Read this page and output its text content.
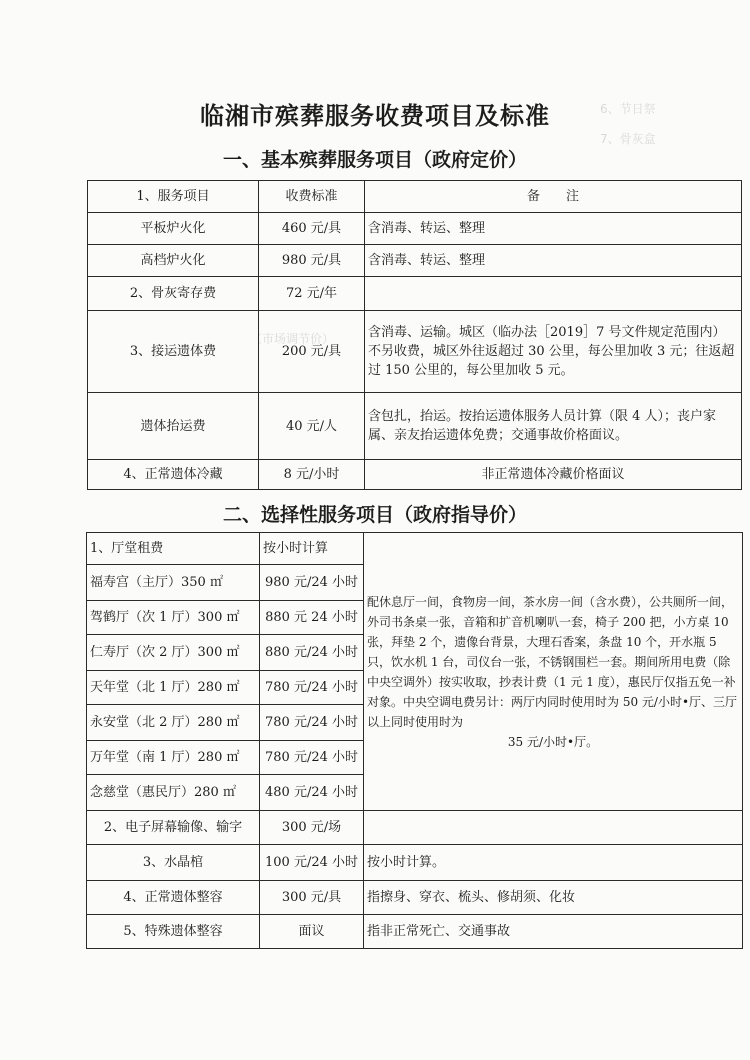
6、节日祭
7、骨灰盒
（市场调节价）
临湘市殡葬服务收费项目及标准
一、基本殡葬服务项目（政府定价）
1、服务项目	收费标准	备　　注
平板炉火化	460 元/具	含消毒、转运、整理
高档炉火化	980 元/具	含消毒、转运、整理
2、骨灰寄存费	72 元/年	
3、接运遗体费	200 元/具	含消毒、运输。城区（临办法［2019］7 号文件规定范围内）不另收费，城区外往返超过 30 公里，每公里加收 3 元；往返超过 150 公里的，每公里加收 5 元。
遗体抬运费	40 元/人	含包扎，抬运。按抬运遗体服务人员计算（限 4 人）；丧户家属、亲友抬运遗体免费；交通事故价格面议。
4、正常遗体冷藏	8 元/小时	非正常遗体冷藏价格面议
二、选择性服务项目（政府指导价）
1、厅堂租费	按小时计算	配休息厅一间，食物房一间，茶水房一间（含水费），公共厕所一间，外司书条桌一张，音箱和扩音机喇叭一套，椅子 200 把，小方桌 10 张，拜垫 2 个，遗像台背景，大理石香案，条盘 10 个，开水瓶 5 只，饮水机 1 台，司仪台一张，不锈钢围栏一套。期间所用电费（除中央空调外）按实收取，抄表计费（1 元 1 度），惠民厅仅指五免一补对象。中央空调电费另计：两厅内同时使用时为 50 元/小时•厅、三厅以上同时使用时为
35 元/小时•厅。

福寿宫（主厅）350 ㎡	980 元/24 小时	
驾鹤厅（次 1 厅）300 ㎡	880 元 24 小时	
仁寿厅（次 2 厅）300 ㎡	880 元/24 小时	
天年堂（北 1 厅）280 ㎡	780 元/24 小时	
永安堂（北 2 厅）280 ㎡	780 元/24 小时	
万年堂（南 1 厅）280 ㎡	780 元/24 小时	
念慈堂（惠民厅）280 ㎡	480 元/24 小时	
2、电子屏幕输像、输字	300 元/场	
3、水晶棺	100 元/24 小时	按小时计算。
4、正常遗体整容	300 元/具	指擦身、穿衣、梳头、修胡须、化妆
5、特殊遗体整容	面议	指非正常死亡、交通事故
